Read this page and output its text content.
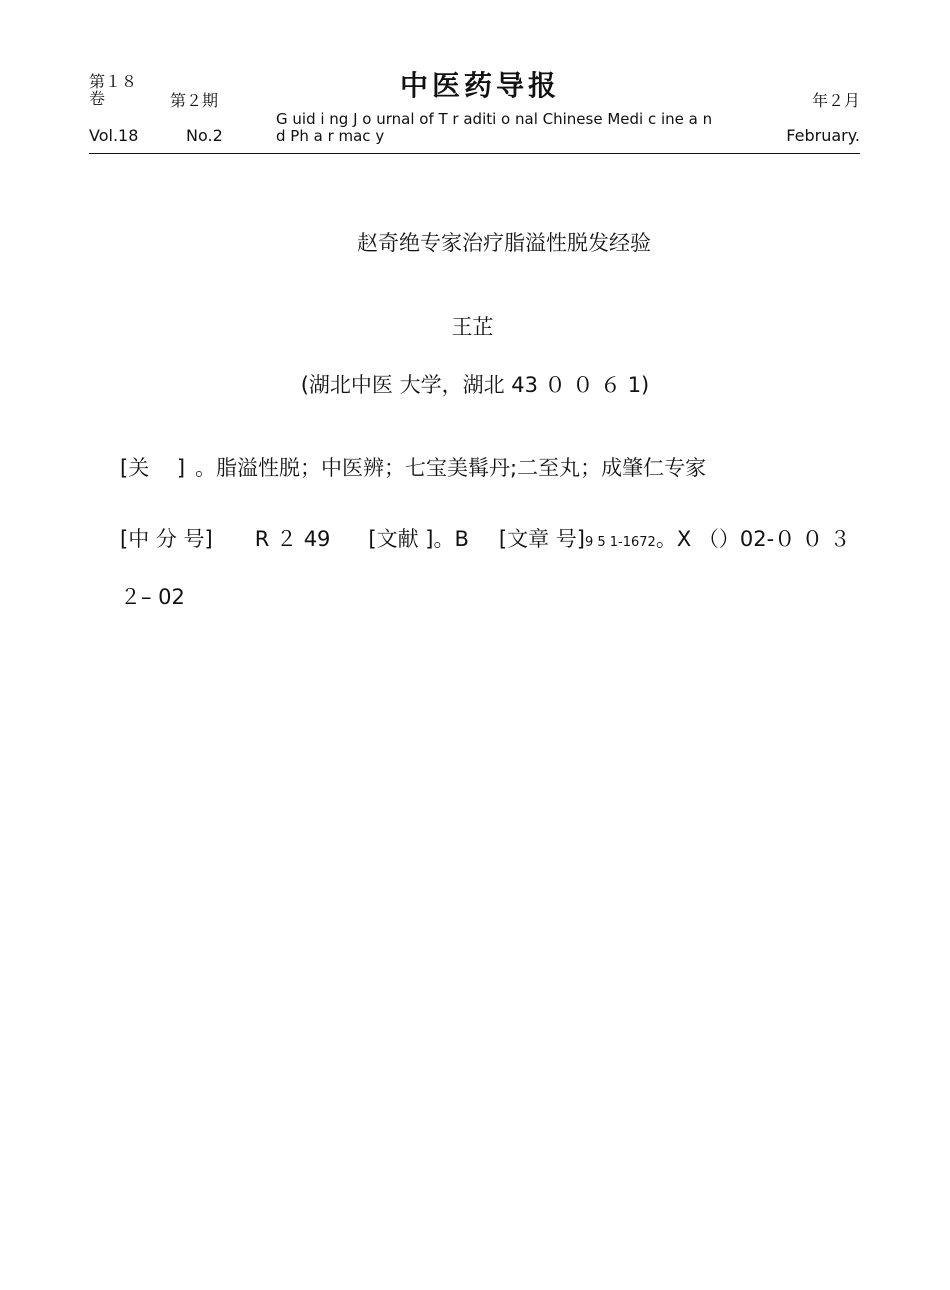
第１８卷	第２期
Vol.18	No.2
中医药导报
G uid i ng J o urnal of T r aditi o nal Chinese Medi c ine a n d Ph a r mac y
年２月
February.
赵奇绝专家治疗脂溢性脱发经验
王芷
(湖北中医 大学，湖北 43 ０ ０ ６ 1)
[关　 ] 。脂溢性脱；中医辨；七宝美髯丹;二至丸；成肇仁专家
[中 分 号] R ２ 49 [文献 ]。B [文章 号]9 5 1-1672。X （）02-０ ０ ３ ２– 02
